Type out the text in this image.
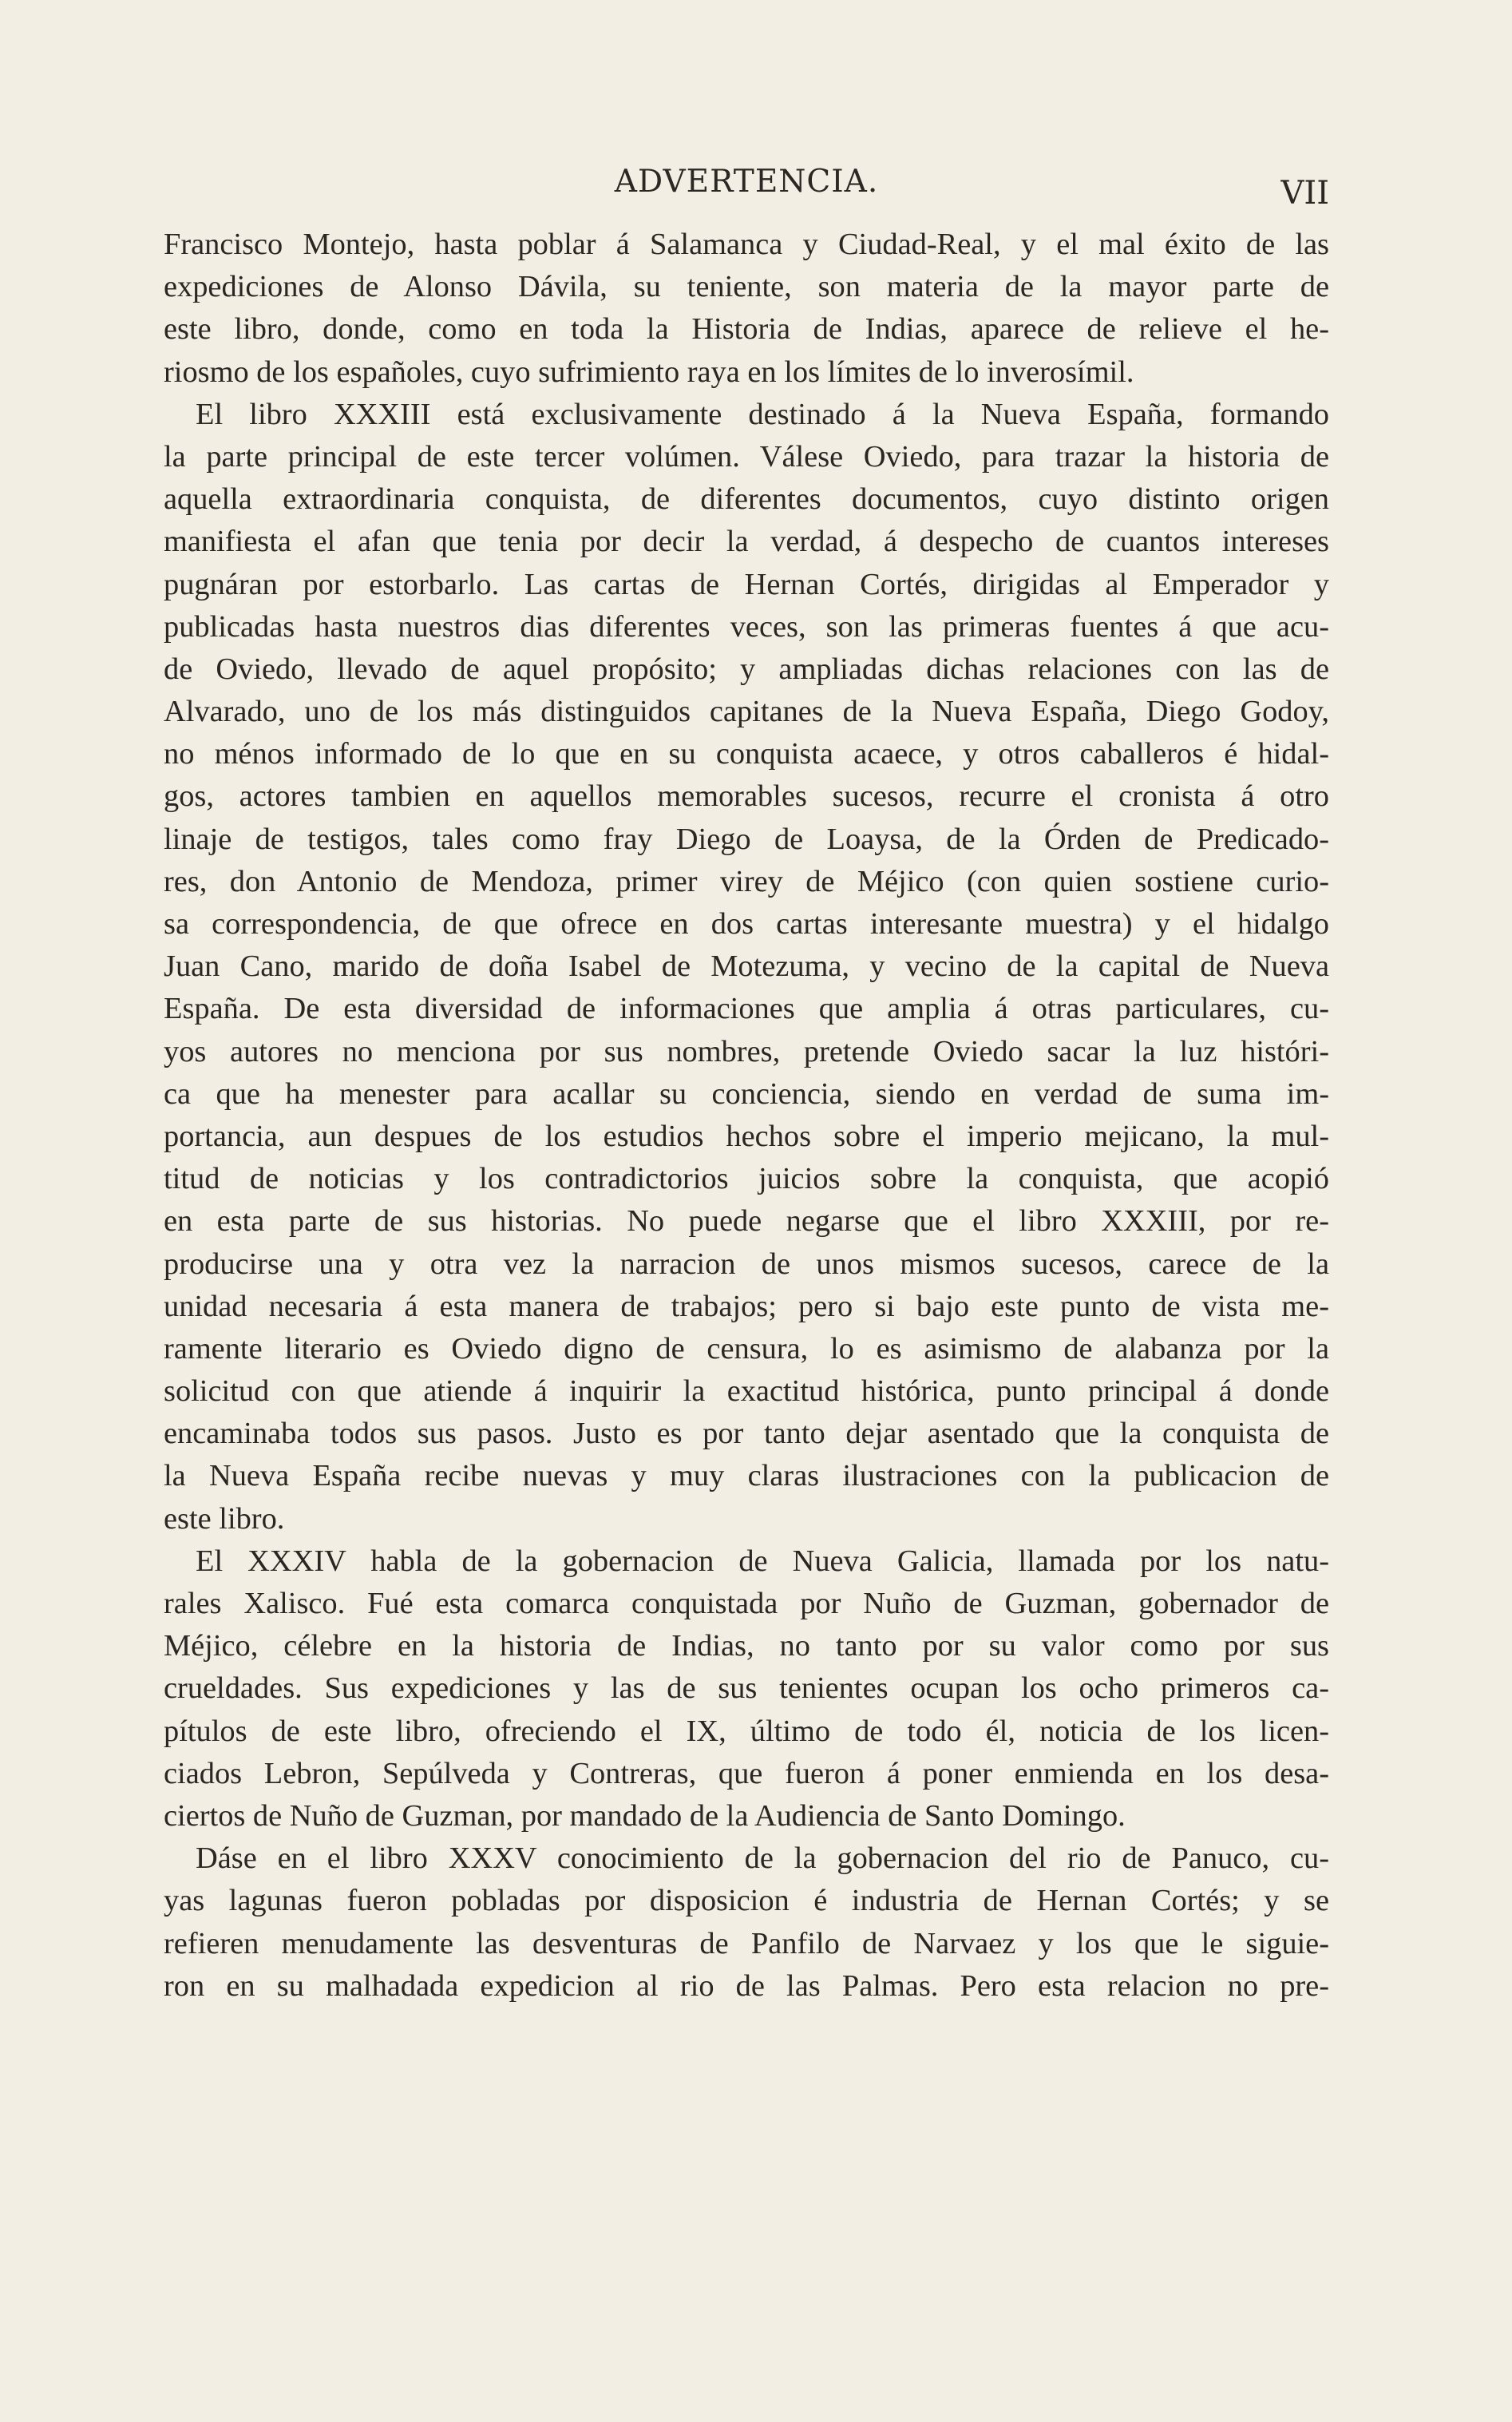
ADVERTENCIA.	VII
Francisco Montejo, hasta poblar á Salamanca y Ciudad-Real, y el mal éxito de las
expediciones de Alonso Dávila, su teniente, son materia de la mayor parte de
este libro, donde, como en toda la Historia de Indias, aparece de relieve el he-
riosmo de los españoles, cuyo sufrimiento raya en los límites de lo inverosímil.
El libro XXXIII está exclusivamente destinado á la Nueva España, formando
la parte principal de este tercer volúmen. Válese Oviedo, para trazar la historia de
aquella extraordinaria conquista, de diferentes documentos, cuyo distinto origen
manifiesta el afan que tenia por decir la verdad, á despecho de cuantos intereses
pugnáran por estorbarlo. Las cartas de Hernan Cortés, dirigidas al Emperador y
publicadas hasta nuestros dias diferentes veces, son las primeras fuentes á que acu-
de Oviedo, llevado de aquel propósito; y ampliadas dichas relaciones con las de
Alvarado, uno de los más distinguidos capitanes de la Nueva España, Diego Godoy,
no ménos informado de lo que en su conquista acaece, y otros caballeros é hidal-
gos, actores tambien en aquellos memorables sucesos, recurre el cronista á otro
linaje de testigos, tales como fray Diego de Loaysa, de la Órden de Predicado-
res, don Antonio de Mendoza, primer virey de Méjico (con quien sostiene curio-
sa correspondencia, de que ofrece en dos cartas interesante muestra) y el hidalgo
Juan Cano, marido de doña Isabel de Motezuma, y vecino de la capital de Nueva
España. De esta diversidad de informaciones que amplia á otras particulares, cu-
yos autores no menciona por sus nombres, pretende Oviedo sacar la luz históri-
ca que ha menester para acallar su conciencia, siendo en verdad de suma im-
portancia, aun despues de los estudios hechos sobre el imperio mejicano, la mul-
titud de noticias y los contradictorios juicios sobre la conquista, que acopió
en esta parte de sus historias. No puede negarse que el libro XXXIII, por re-
producirse una y otra vez la narracion de unos mismos sucesos, carece de la
unidad necesaria á esta manera de trabajos; pero si bajo este punto de vista me-
ramente literario es Oviedo digno de censura, lo es asimismo de alabanza por la
solicitud con que atiende á inquirir la exactitud histórica, punto principal á donde
encaminaba todos sus pasos. Justo es por tanto dejar asentado que la conquista de
la Nueva España recibe nuevas y muy claras ilustraciones con la publicacion de
este libro.
El XXXIV habla de la gobernacion de Nueva Galicia, llamada por los natu-
rales Xalisco. Fué esta comarca conquistada por Nuño de Guzman, gobernador de
Méjico, célebre en la historia de Indias, no tanto por su valor como por sus
crueldades. Sus expediciones y las de sus tenientes ocupan los ocho primeros ca-
pítulos de este libro, ofreciendo el IX, último de todo él, noticia de los licen-
ciados Lebron, Sepúlveda y Contreras, que fueron á poner enmienda en los desa-
ciertos de Nuño de Guzman, por mandado de la Audiencia de Santo Domingo.
Dáse en el libro XXXV conocimiento de la gobernacion del rio de Panuco, cu-
yas lagunas fueron pobladas por disposicion é industria de Hernan Cortés; y se
refieren menudamente las desventuras de Panfilo de Narvaez y los que le siguie-
ron en su malhadada expedicion al rio de las Palmas. Pero esta relacion no pre-
